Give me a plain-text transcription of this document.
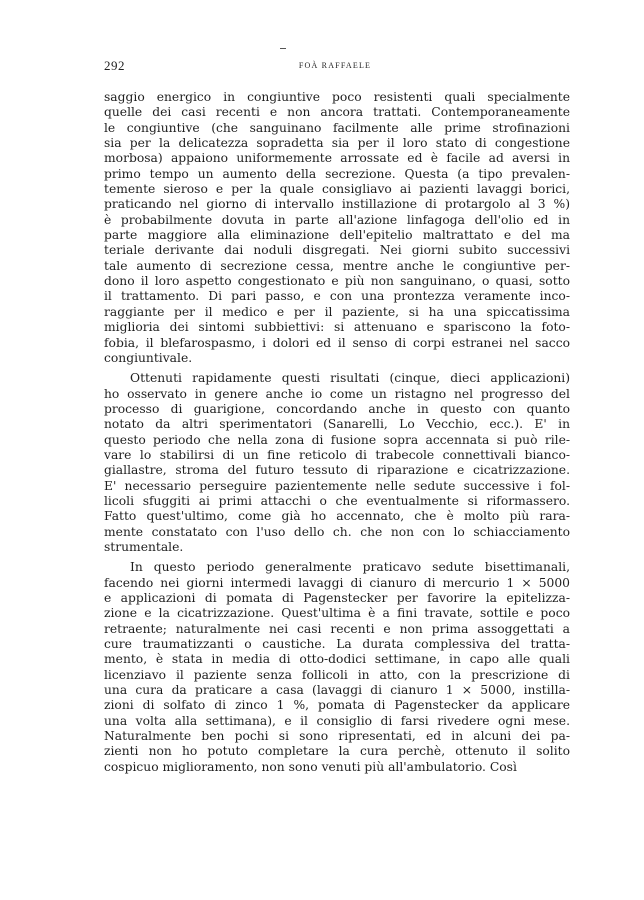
292	FOÀ RAFFAELE
saggio energico in congiuntive poco resistenti quali specialmente
quelle dei casi recenti e non ancora trattati. Contemporaneamente
le congiuntive (che sanguinano facilmente alle prime strofinazioni
sia per la delicatezza sopradetta sia per il loro stato di congestione
morbosa) appaiono uniformemente arrossate ed è facile ad aversi in
primo tempo un aumento della secrezione. Questa (a tipo prevalen-
temente sieroso e per la quale consigliavo ai pazienti lavaggi borici,
praticando nel giorno di intervallo instillazione di protargolo al 3 %)
è probabilmente dovuta in parte all'azione linfagoga dell'olio ed in
parte maggiore alla eliminazione dell'epitelio maltrattato e del ma
teriale derivante dai noduli disgregati. Nei giorni subito successivi
tale aumento di secrezione cessa, mentre anche le congiuntive per-
dono il loro aspetto congestionato e più non sanguinano, o quasi, sotto
il trattamento. Di pari passo, e con una prontezza veramente inco-
raggiante per il medico e per il paziente, si ha una spiccatissima
miglioria dei sintomi subbiettivi: si attenuano e spariscono la foto-
fobia, il blefarospasmo, i dolori ed il senso di corpi estranei nel sacco
congiuntivale.
Ottenuti rapidamente questi risultati (cinque, dieci applicazioni)
ho osservato in genere anche io come un ristagno nel progresso del
processo di guarigione, concordando anche in questo con quanto
notato da altri sperimentatori (Sanarelli, Lo Vecchio, ecc.). E' in
questo periodo che nella zona di fusione sopra accennata si può rile-
vare lo stabilirsi di un fine reticolo di trabecole connettivali bianco-
giallastre, stroma del futuro tessuto di riparazione e cicatrizzazione.
E' necessario perseguire pazientemente nelle sedute successive i fol-
licoli sfuggiti ai primi attacchi o che eventualmente si riformassero.
Fatto quest'ultimo, come già ho accennato, che è molto più rara-
mente constatato con l'uso dello ch. che non con lo schiacciamento
strumentale.
In questo periodo generalmente praticavo sedute bisettimanali,
facendo nei giorni intermedi lavaggi di cianuro di mercurio 1 × 5000
e applicazioni di pomata di Pagenstecker per favorire la epitelizza-
zione e la cicatrizzazione. Quest'ultima è a fini travate, sottile e poco
retraente; naturalmente nei casi recenti e non prima assoggettati a
cure traumatizzanti o caustiche. La durata complessiva del tratta-
mento, è stata in media di otto-dodici settimane, in capo alle quali
licenziavo il paziente senza follicoli in atto, con la prescrizione di
una cura da praticare a casa (lavaggi di cianuro 1 × 5000, instilla-
zioni di solfato di zinco 1 %, pomata di Pagenstecker da applicare
una volta alla settimana), e il consiglio di farsi rivedere ogni mese.
Naturalmente ben pochi si sono ripresentati, ed in alcuni dei pa-
zienti non ho potuto completare la cura perchè, ottenuto il solito
cospicuo miglioramento, non sono venuti più all'ambulatorio. Così
